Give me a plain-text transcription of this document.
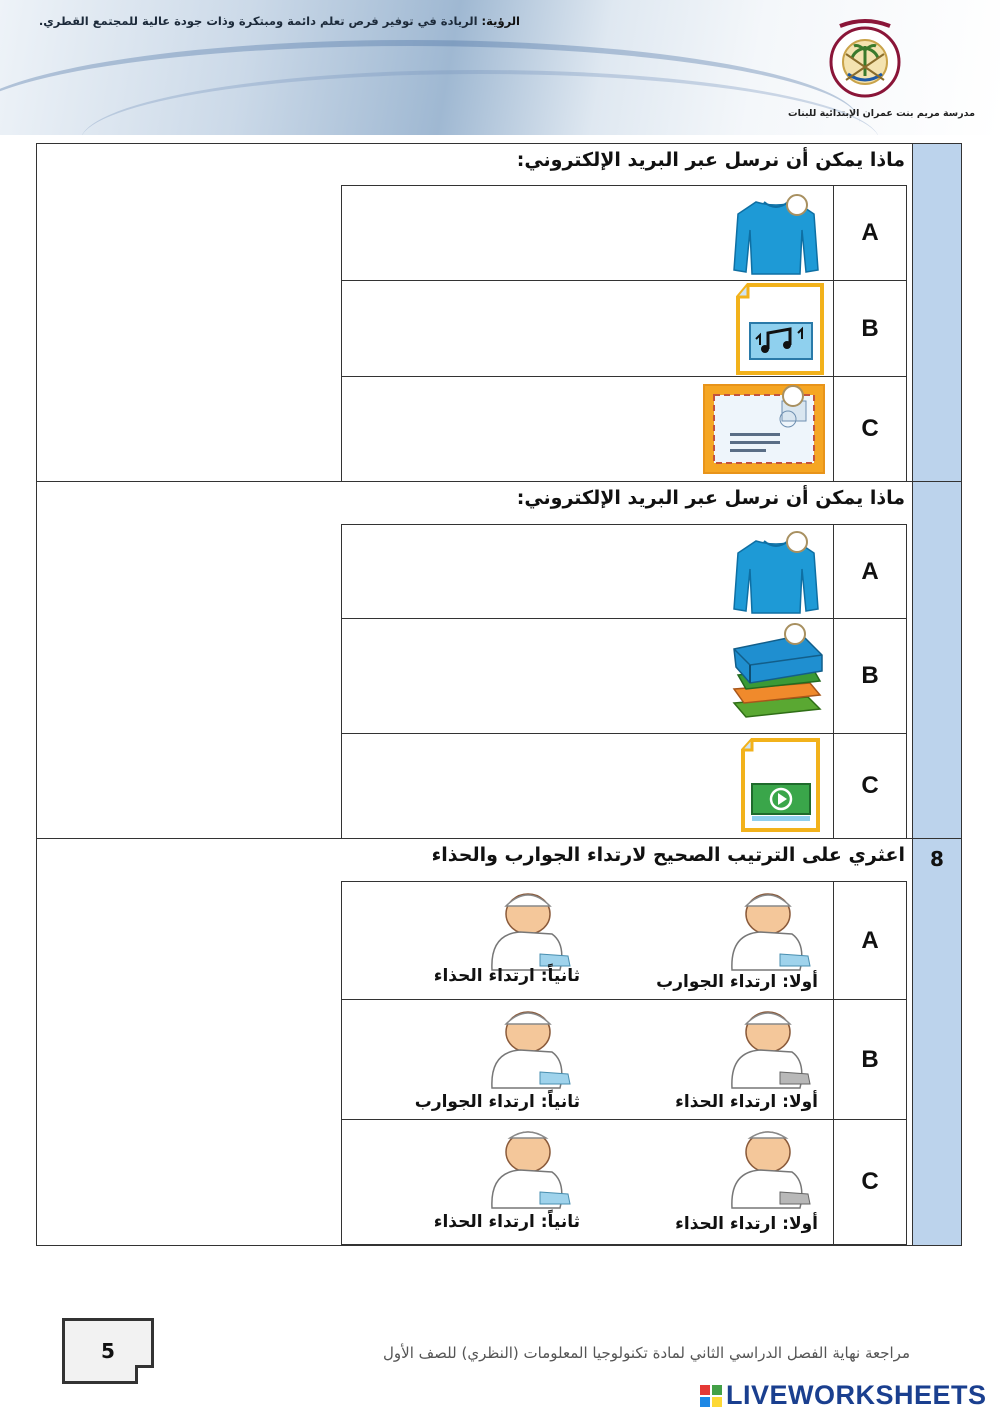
الرؤية: الريادة في توفير فرص تعلم دائمة ومبتكرة وذات جودة عالية للمجتمع القطري.
مدرسة مريم بنت عمران الإبتدائية للبنات
ماذا يمكن أن نرسل عبر البريد الإلكتروني:
A
B
C
ماذا يمكن أن نرسل عبر البريد الإلكتروني:
A
B
C
8
اعثري على الترتيب الصحيح لارتداء الجوارب والحذاء
A
أولا: ارتداء الجوارب
ثانياً: ارتداء الحذاء
B
أولا: ارتداء الحذاء
ثانياً: ارتداء الجوارب
C
أولا: ارتداء الحذاء
ثانياً: ارتداء الحذاء
5	مراجعة نهاية الفصل الدراسي الثاني لمادة تكنولوجيا المعلومات (النظري) للصف الأول
LIVEWORKSHEETS
